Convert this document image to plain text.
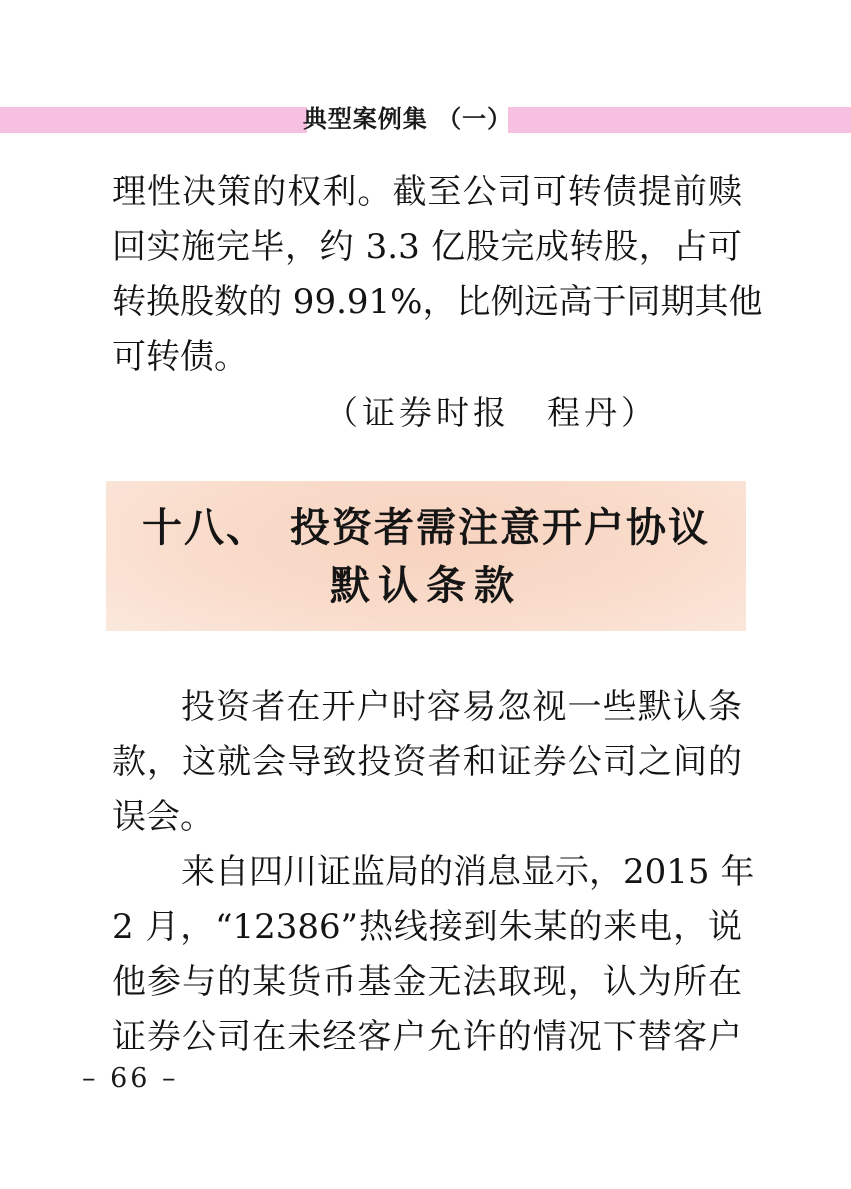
典型案例集 （一）
理性决策的权利。截至公司可转债提前赎
回实施完毕，约 3.3 亿股完成转股，占可
转换股数的 99.91%，比例远高于同期其他
可转债。
（证券时报　程丹）
十八、　投资者需注意开户协议
默认条款
投资者在开户时容易忽视一些默认条
款，这就会导致投资者和证券公司之间的
误会。
来自四川证监局的消息显示，2015 年
2 月，“12386”热线接到朱某的来电，说
他参与的某货币基金无法取现，认为所在
证券公司在未经客户允许的情况下替客户
– 66 –
